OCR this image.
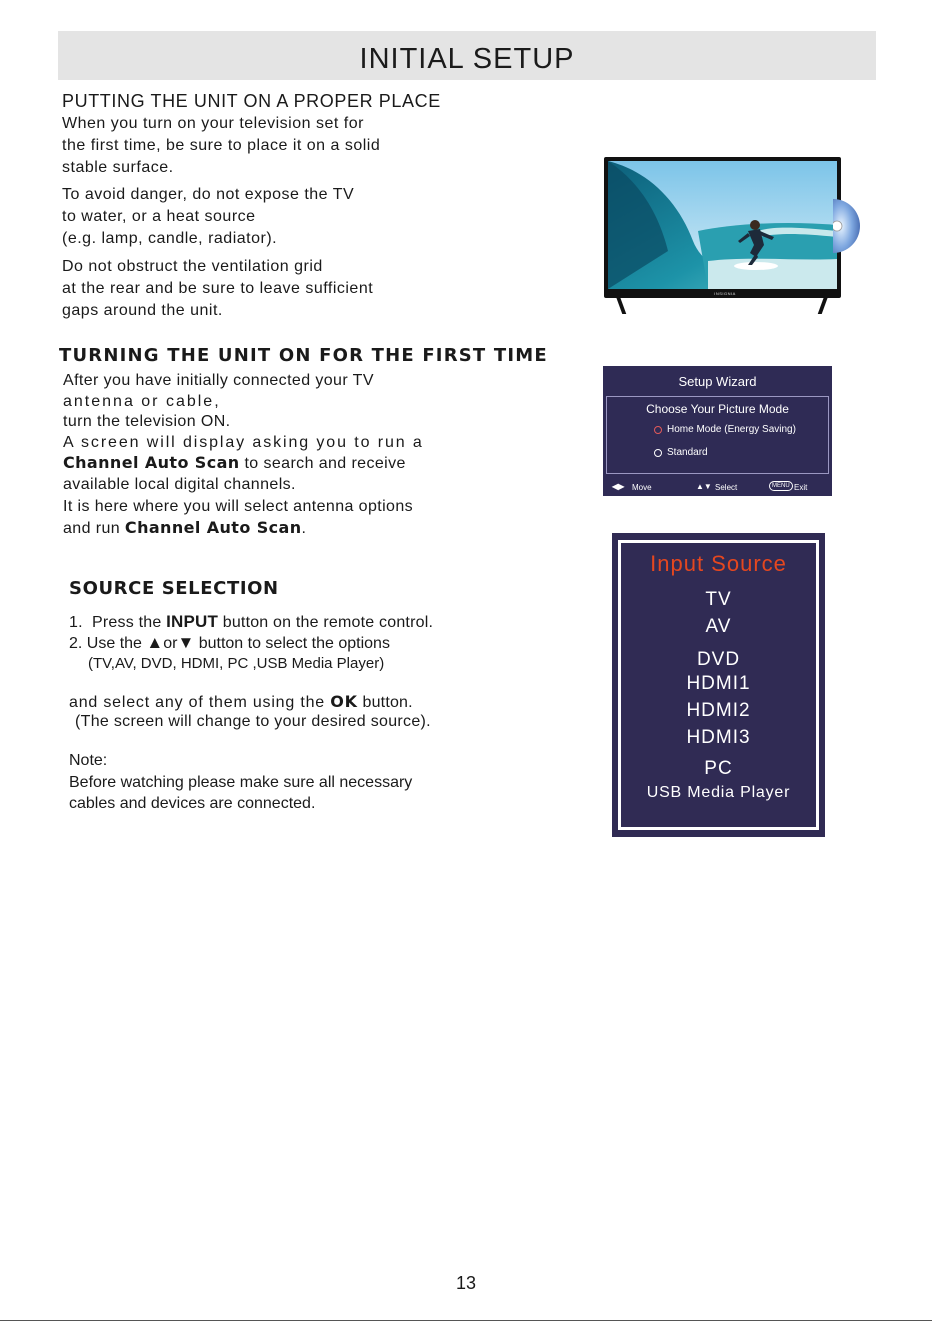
INITIAL SETUP
PUTTING THE UNIT ON A PROPER PLACE

When you turn on your television set for

the first time, be sure to place it on a solid

stable surface.

To avoid danger, do not expose the TV

to water, or a heat source

(e.g. lamp, candle, radiator).

Do not obstruct the ventilation grid

at the rear and be sure to leave sufficient

gaps around the unit.

INSIGNIA
TURNING THE UNIT ON FOR THE FIRST TIME

After you have initially connected your TV

antenna or cable,

turn the television ON.

A screen will display asking you to run a

Channel Auto Scan to search and receive

available local digital channels.

It is here where you will select antenna options

and run Channel Auto Scan.

Setup Wizard
Choose Your Picture Mode
Home Mode (Energy Saving)
Standard
◀▶ Move	▲▼ Select	MENU Exit
SOURCE SELECTION
1.  Press the INPUT button on the remote control.
2. Use the ▲or▼ button to select the options
(TV,AV, DVD, HDMI, PC ,USB Media Player)
and select any of them using the OK button.
(The screen will change to your desired source).
Note:

Before watching please make sure all necessary

cables and devices are connected.

Input Source
TV
AV
DVD
HDMI1
HDMI2
HDMI3
PC
USB Media Player
13
